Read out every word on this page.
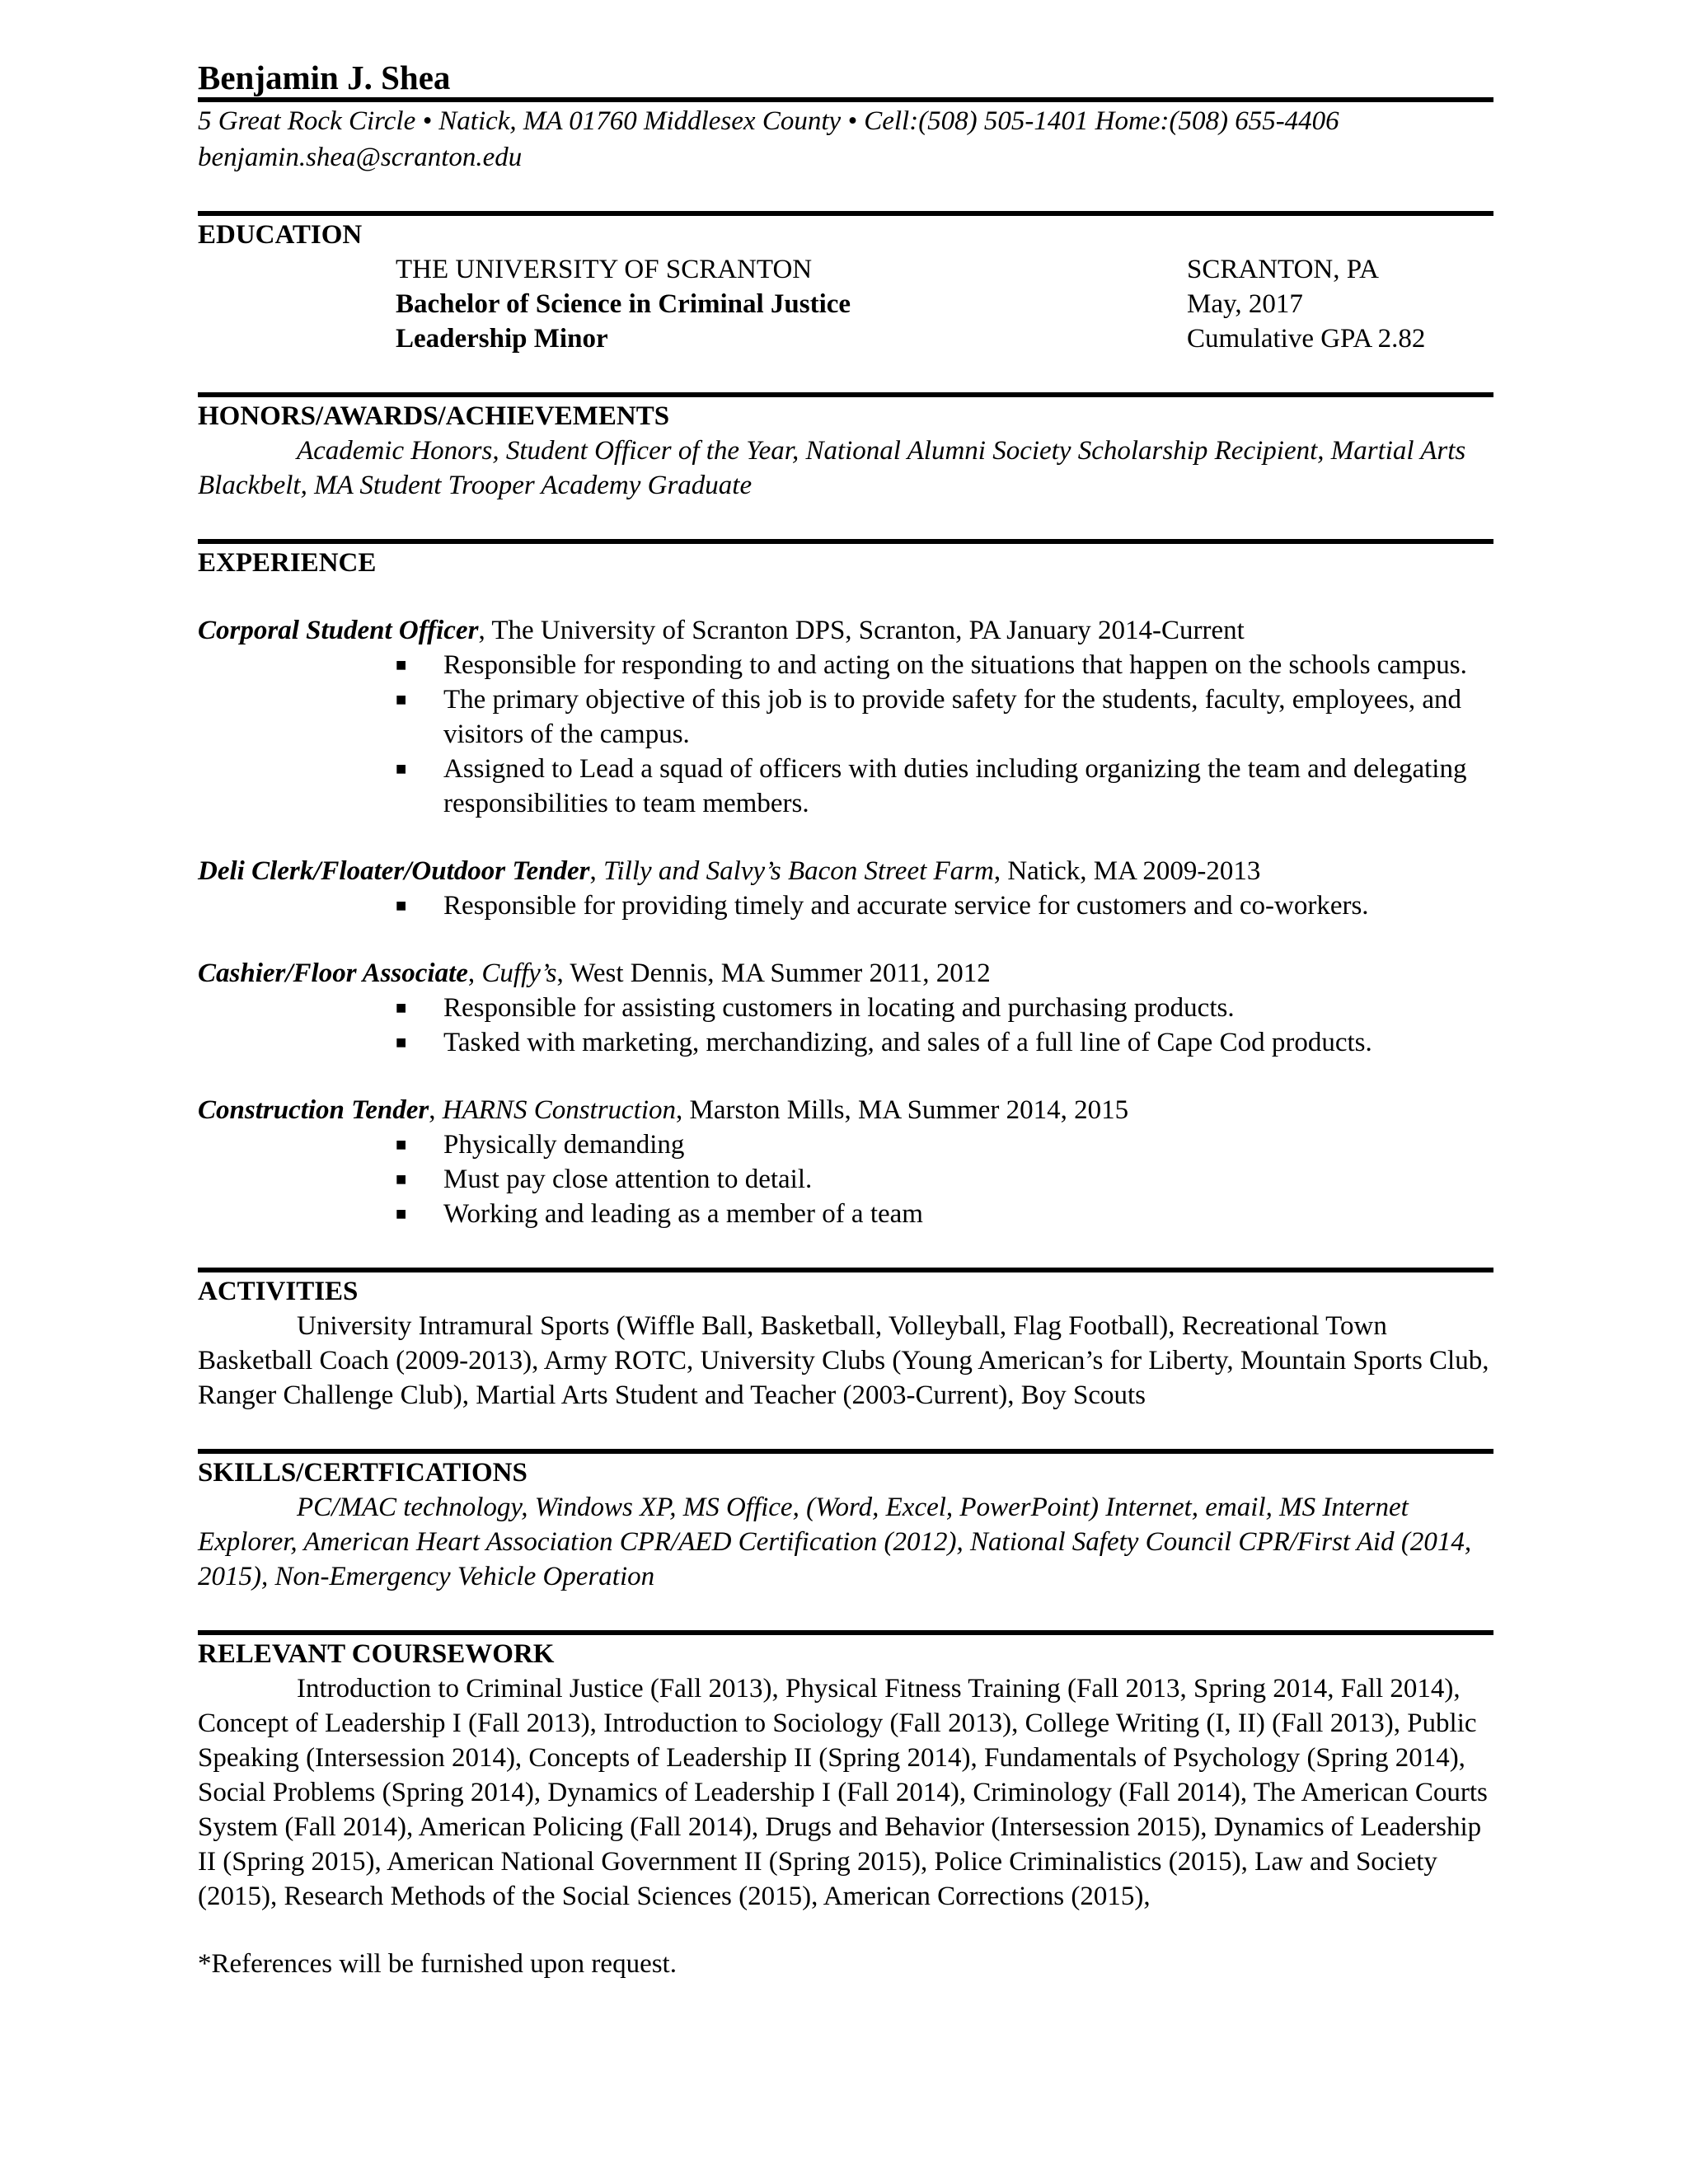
Benjamin J. Shea
5 Great Rock Circle • Natick, MA 01760 Middlesex County • Cell:(508) 505-1401 Home:(508) 655-4406
benjamin.shea@scranton.edu
EDUCATION
THE UNIVERSITY OF SCRANTON	SCRANTON, PA
Bachelor of Science in Criminal Justice	May, 2017
Leadership Minor	Cumulative GPA 2.82
HONORS/AWARDS/ACHIEVEMENTS
Academic Honors, Student Officer of the Year, National Alumni Society Scholarship Recipient, Martial Arts Blackbelt, MA Student Trooper Academy Graduate
EXPERIENCE
Corporal Student Officer, The University of Scranton DPS, Scranton, PA January 2014-Current
■ Responsible for responding to and acting on the situations that happen on the schools campus.
■ The primary objective of this job is to provide safety for the students, faculty, employees, and visitors of the campus.
■ Assigned to Lead a squad of officers with duties including organizing the team and delegating responsibilities to team members.
Deli Clerk/Floater/Outdoor Tender, Tilly and Salvy’s Bacon Street Farm, Natick, MA 2009-2013
■ Responsible for providing timely and accurate service for customers and co-workers.
Cashier/Floor Associate, Cuffy’s, West Dennis, MA Summer 2011, 2012
■ Responsible for assisting customers in locating and purchasing products.
■ Tasked with marketing, merchandizing, and sales of a full line of Cape Cod products.
Construction Tender, HARNS Construction, Marston Mills, MA Summer 2014, 2015
■ Physically demanding
■ Must pay close attention to detail.
■ Working and leading as a member of a team
ACTIVITIES
University Intramural Sports (Wiffle Ball, Basketball, Volleyball, Flag Football), Recreational Town Basketball Coach (2009-2013), Army ROTC, University Clubs (Young American’s for Liberty, Mountain Sports Club, Ranger Challenge Club), Martial Arts Student and Teacher (2003-Current), Boy Scouts
SKILLS/CERTFICATIONS
PC/MAC technology, Windows XP, MS Office, (Word, Excel, PowerPoint) Internet, email, MS Internet Explorer, American Heart Association CPR/AED Certification (2012), National Safety Council CPR/First Aid (2014, 2015), Non-Emergency Vehicle Operation
RELEVANT COURSEWORK
Introduction to Criminal Justice (Fall 2013), Physical Fitness Training (Fall 2013, Spring 2014, Fall 2014), Concept of Leadership I (Fall 2013), Introduction to Sociology (Fall 2013), College Writing (I, II) (Fall 2013), Public Speaking (Intersession 2014), Concepts of Leadership II (Spring 2014), Fundamentals of Psychology (Spring 2014), Social Problems (Spring 2014), Dynamics of Leadership I (Fall 2014), Criminology (Fall 2014), The American Courts System (Fall 2014), American Policing (Fall 2014), Drugs and Behavior (Intersession 2015), Dynamics of Leadership II (Spring 2015), American National Government II (Spring 2015), Police Criminalistics (2015), Law and Society (2015), Research Methods of the Social Sciences (2015), American Corrections (2015),
*References will be furnished upon request.
